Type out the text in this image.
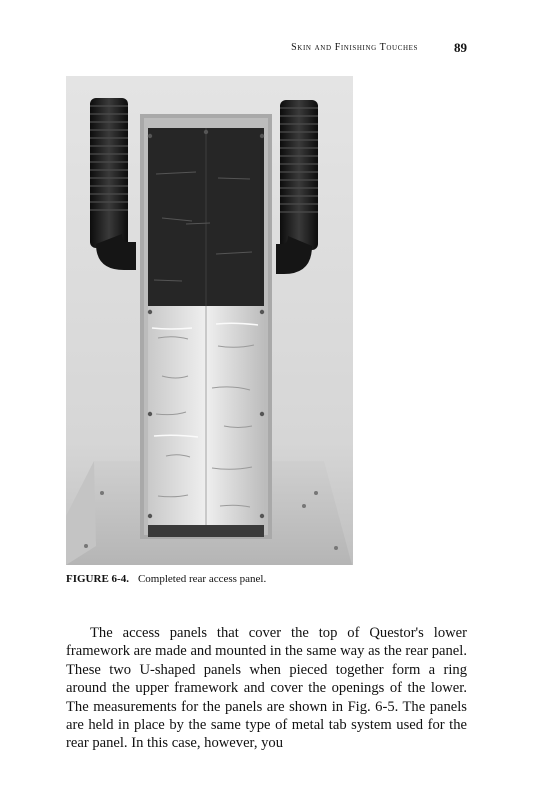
Skin and Finishing Touches	89
FIGURE 6-4. Completed rear access panel.

The access panels that cover the top of Questor's lower framework are made and mounted in the same way as the rear panel. These two U-shaped panels when pieced together form a ring around the upper framework and cover the openings of the lower. The measurements for the panels are shown in Fig. 6-5. The panels are held in place by the same type of metal tab system used for the rear panel. In this case, however, you
